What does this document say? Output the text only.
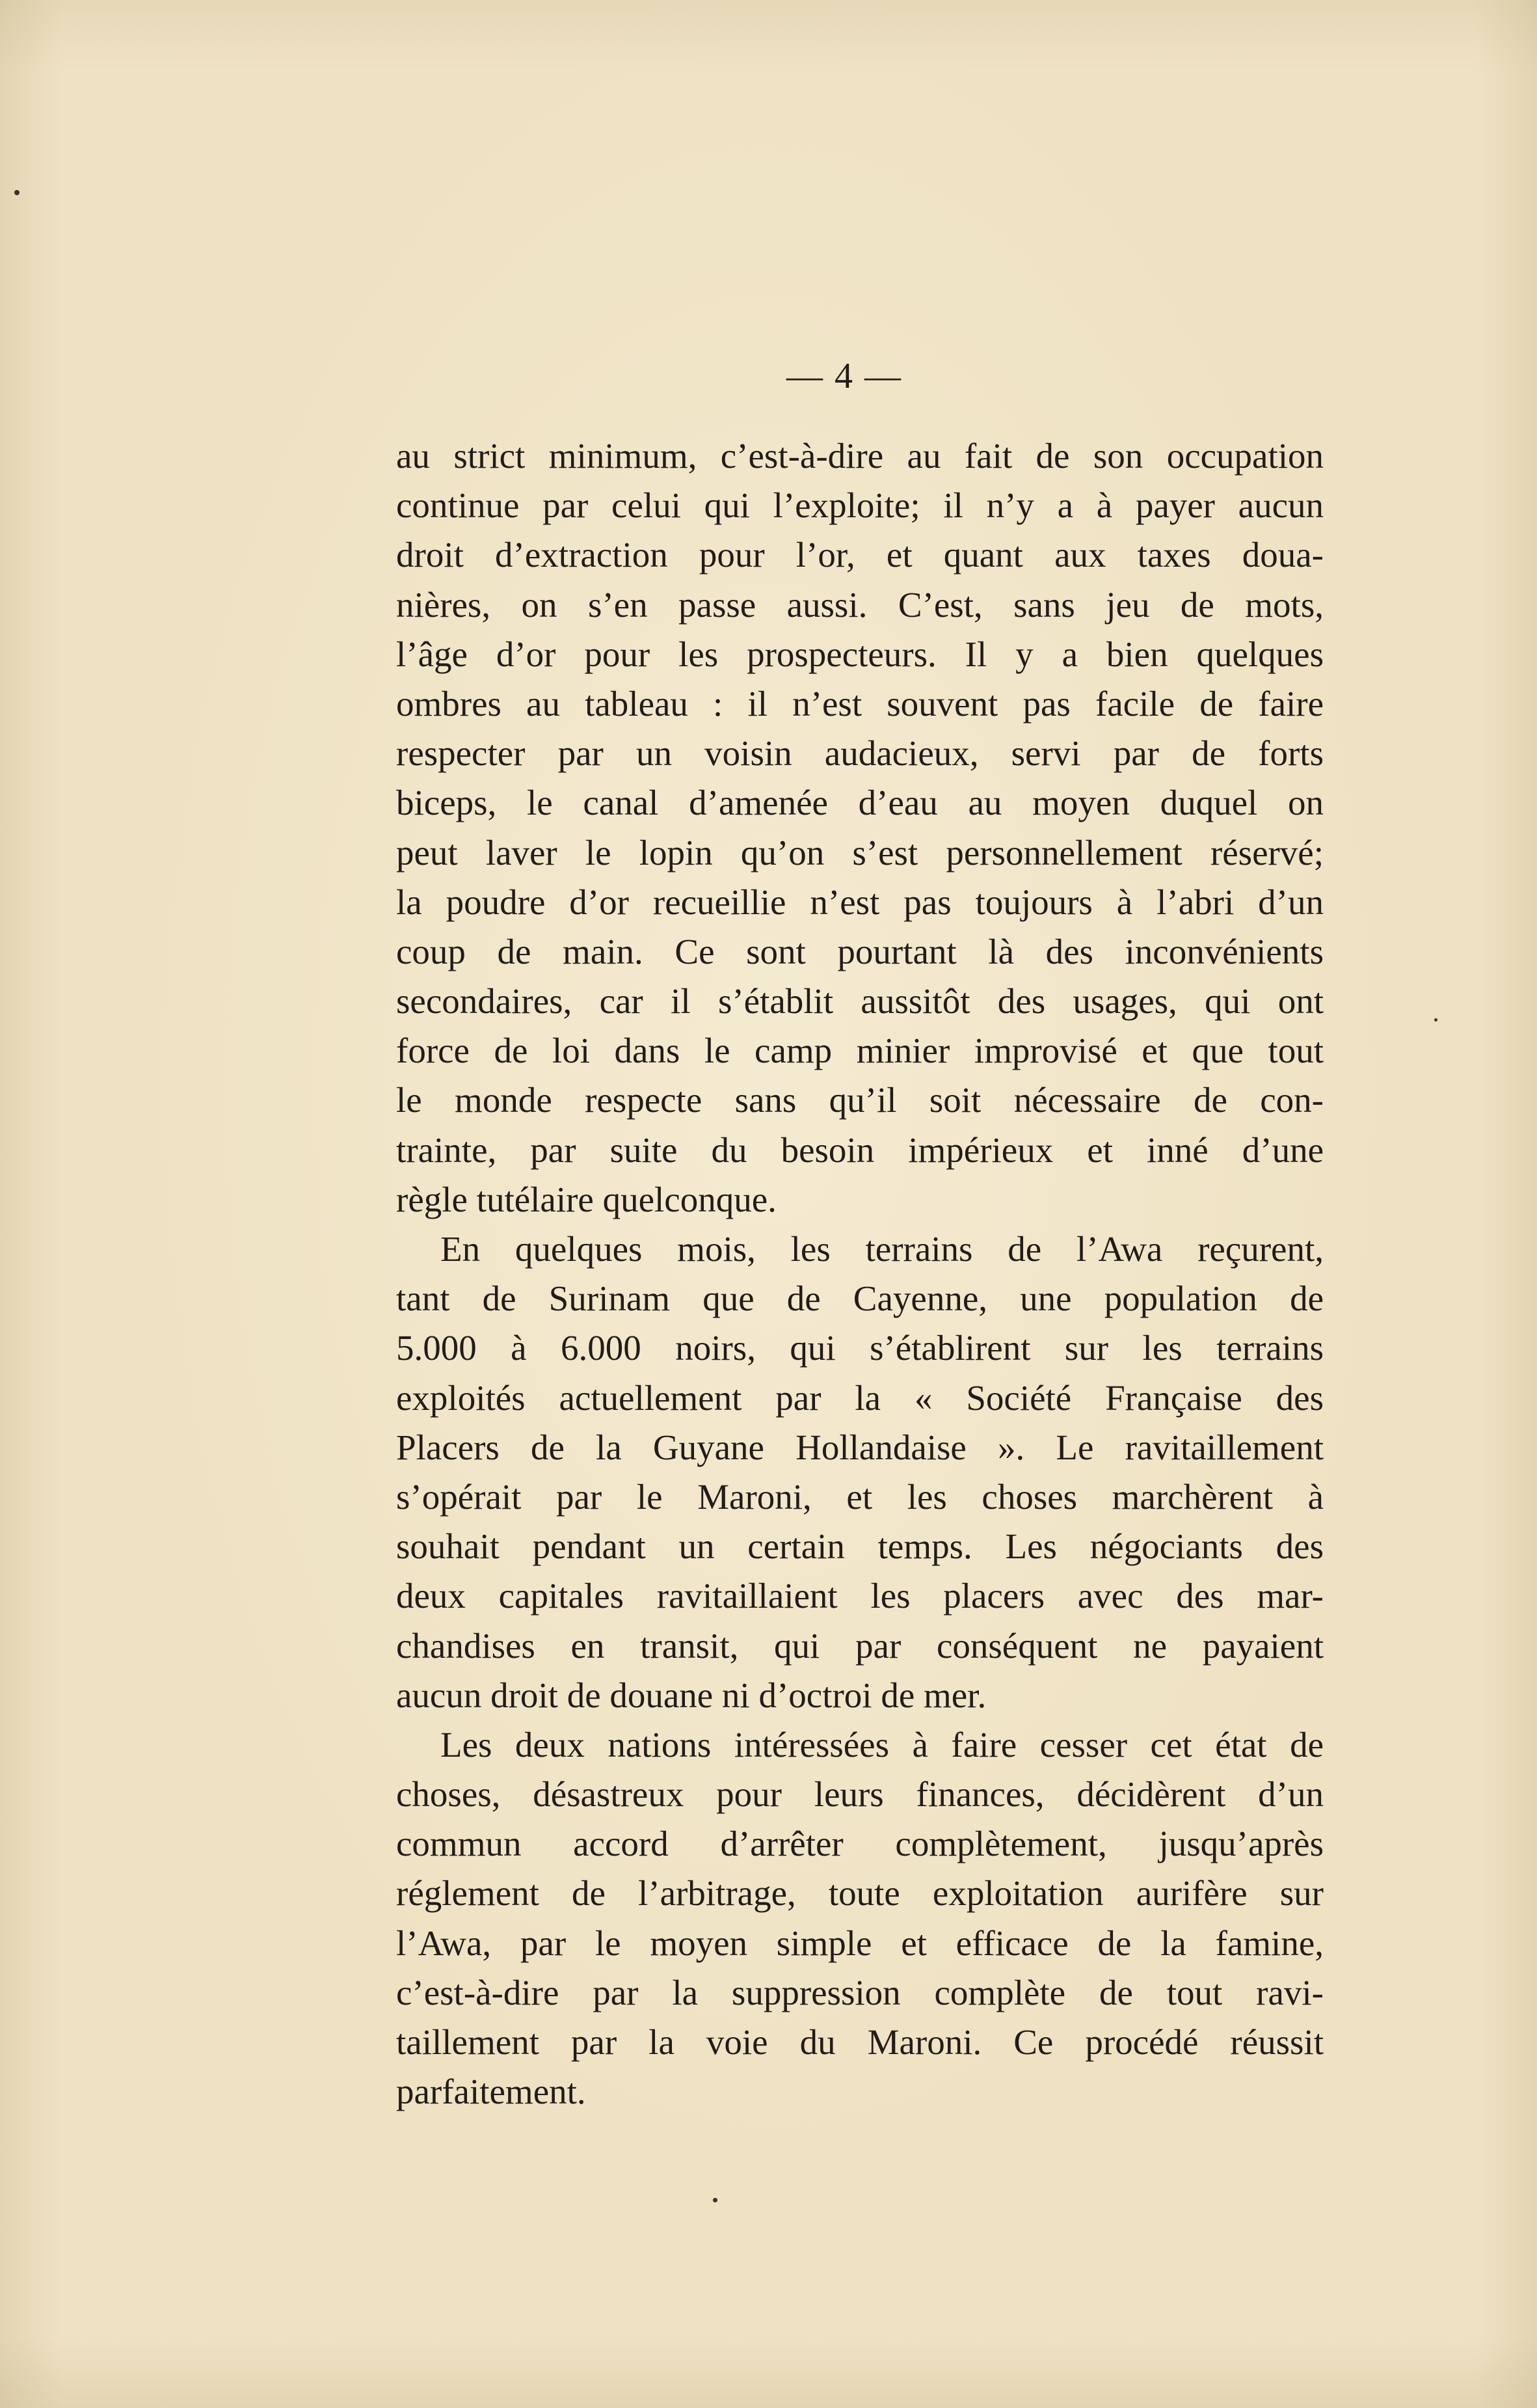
— 4 —
au strict minimum, c’est-à-dire au fait de son occupation
continue par celui qui l’exploite; il n’y a à payer aucun
droit d’extraction pour l’or, et quant aux taxes doua-
nières, on s’en passe aussi. C’est, sans jeu de mots,
l’âge d’or pour les prospecteurs. Il y a bien quelques
ombres au tableau : il n’est souvent pas facile de faire
respecter par un voisin audacieux, servi par de forts
biceps, le canal d’amenée d’eau au moyen duquel on
peut laver le lopin qu’on s’est personnellement réservé;
la poudre d’or recueillie n’est pas toujours à l’abri d’un
coup de main. Ce sont pourtant là des inconvénients
secondaires, car il s’établit aussitôt des usages, qui ont
force de loi dans le camp minier improvisé et que tout
le monde respecte sans qu’il soit nécessaire de con-
trainte, par suite du besoin impérieux et inné d’une
règle tutélaire quelconque.
En quelques mois, les terrains de l’Awa reçurent,
tant de Surinam que de Cayenne, une population de
5.000 à 6.000 noirs, qui s’établirent sur les terrains
exploités actuellement par la « Société Française des
Placers de la Guyane Hollandaise ». Le ravitaillement
s’opérait par le Maroni, et les choses marchèrent à
souhait pendant un certain temps. Les négociants des
deux capitales ravitaillaient les placers avec des mar-
chandises en transit, qui par conséquent ne payaient
aucun droit de douane ni d’octroi de mer.
Les deux nations intéressées à faire cesser cet état de
choses, désastreux pour leurs finances, décidèrent d’un
commun accord d’arrêter complètement, jusqu’après
réglement de l’arbitrage, toute exploitation aurifère sur
l’Awa, par le moyen simple et efficace de la famine,
c’est-à-dire par la suppression complète de tout ravi-
taillement par la voie du Maroni. Ce procédé réussit
parfaitement.
